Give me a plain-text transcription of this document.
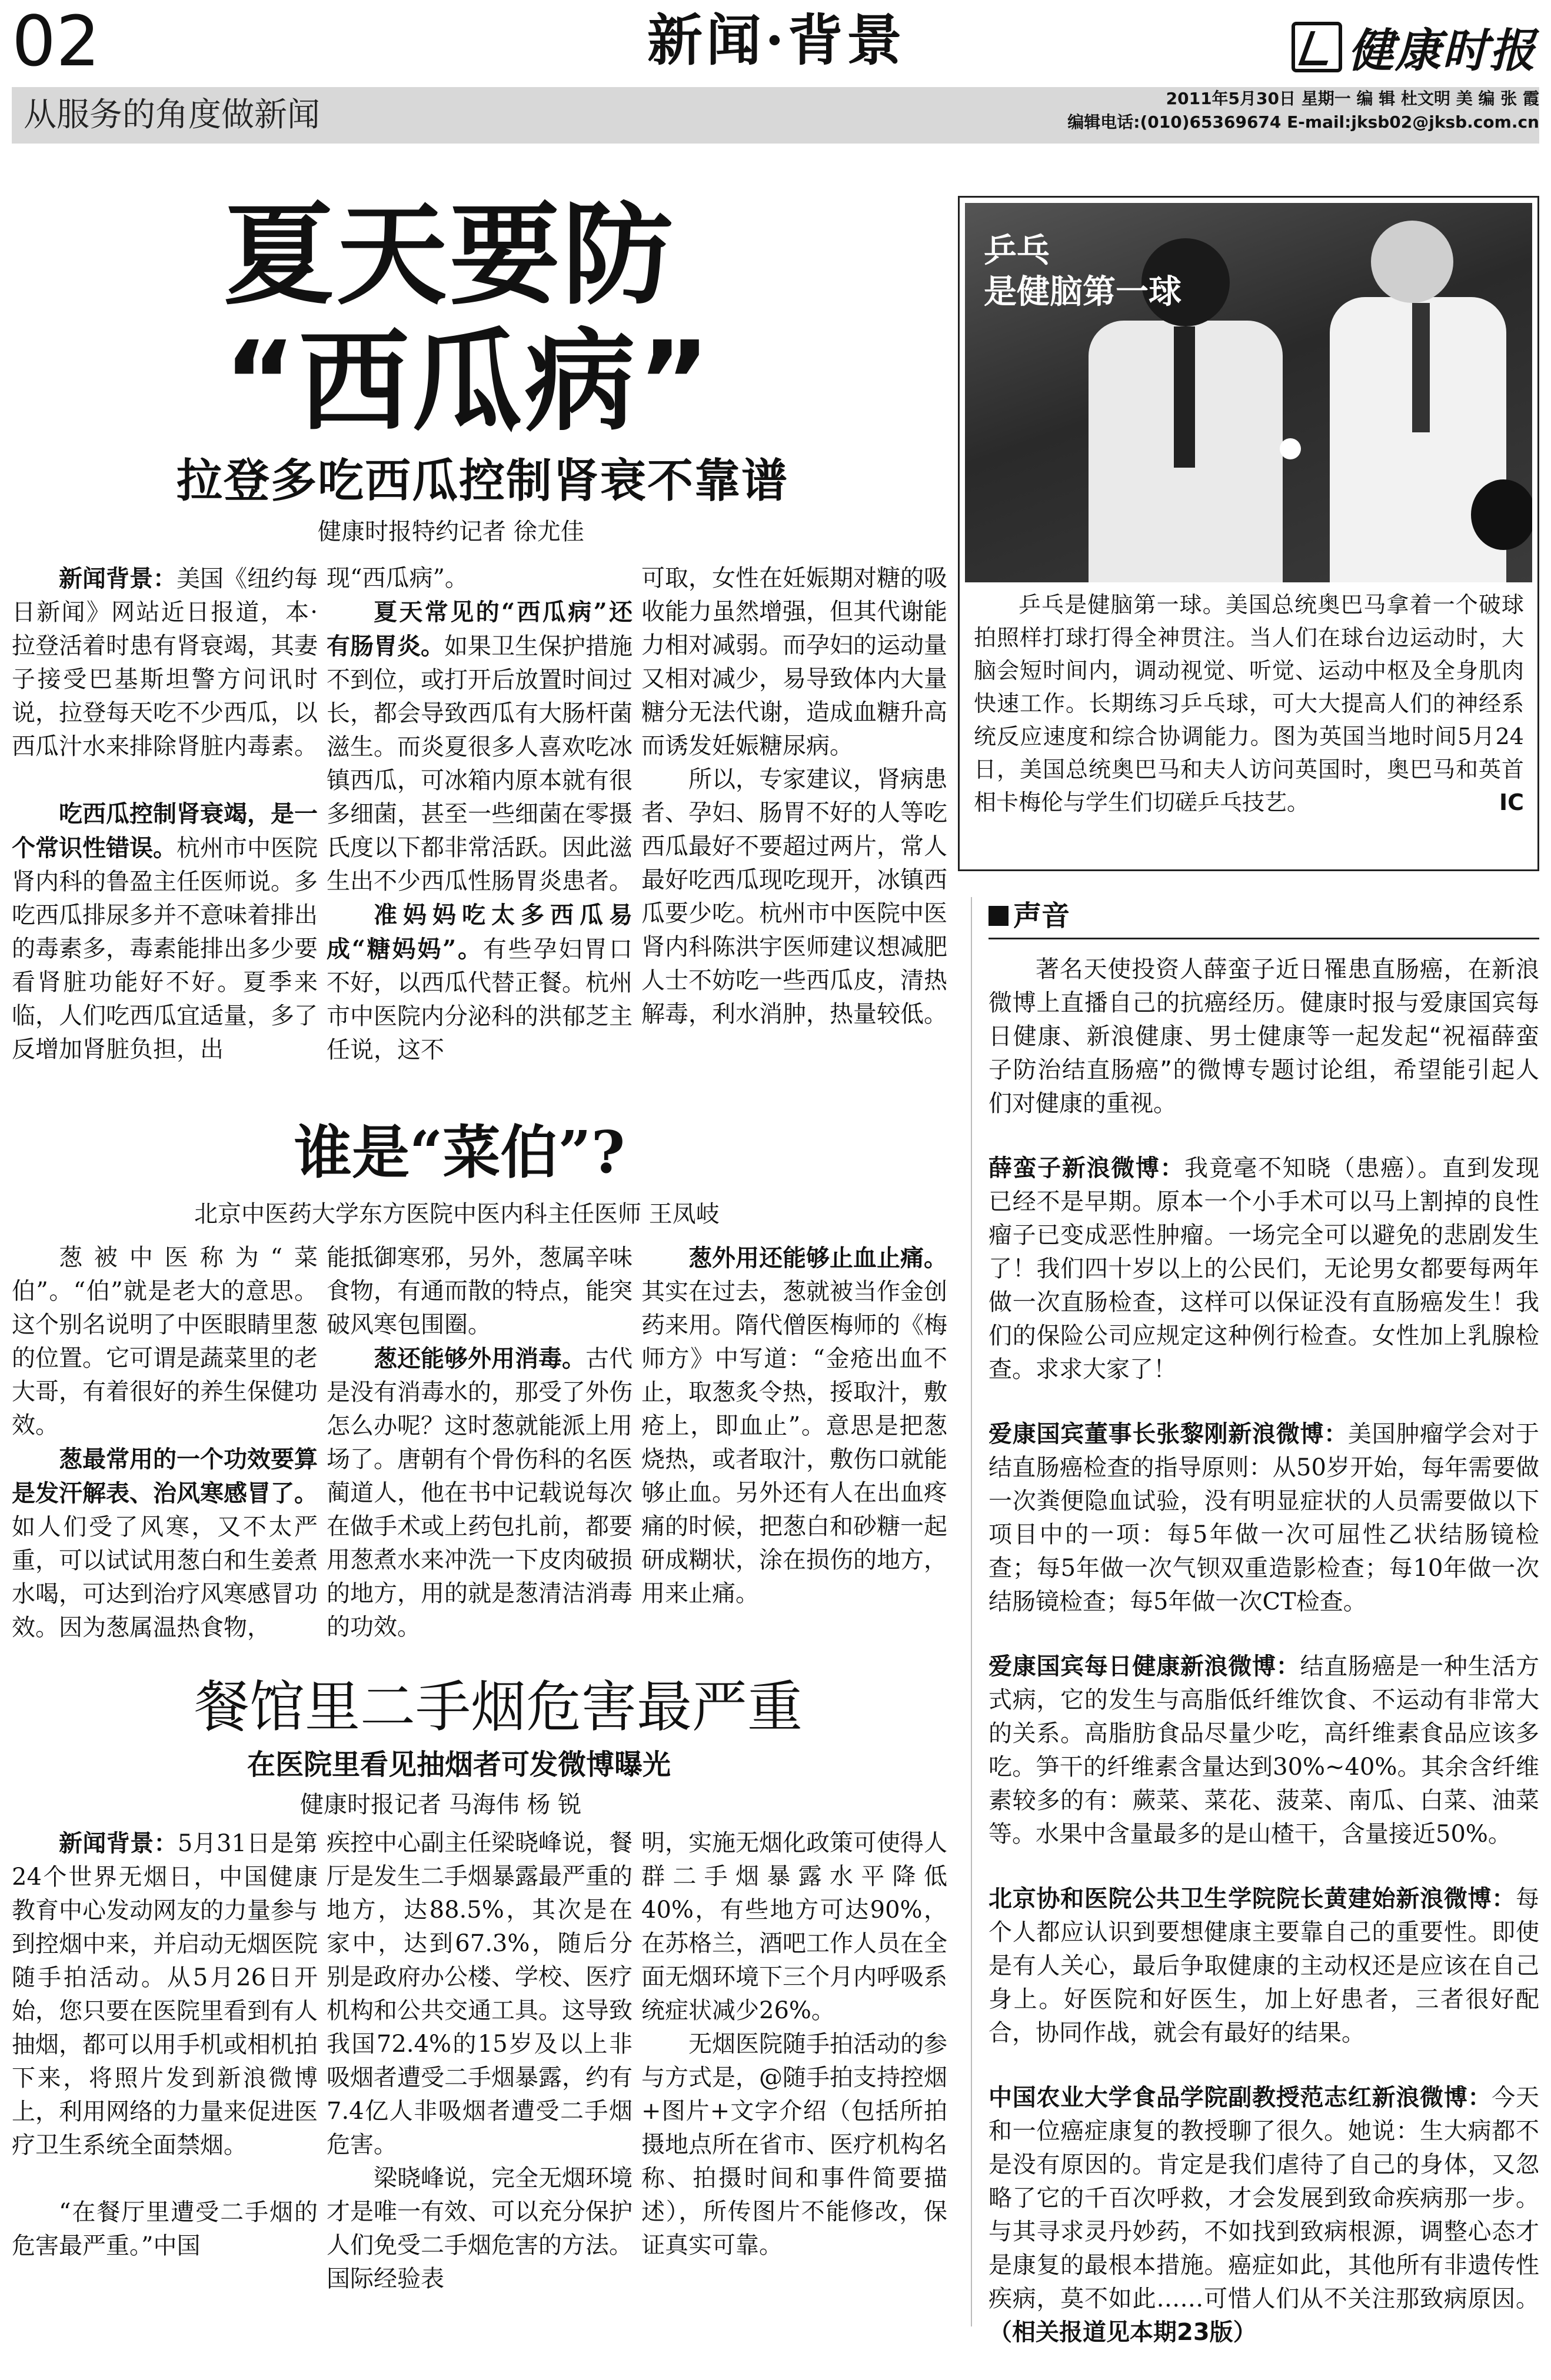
02	新闻·背景	健康时报
从服务的角度做新闻	2011年5月30日 星期一 编 辑 杜文明 美 编 张 霞
编辑电话:(010)65369674 E-mail:jksb02@jksb.com.cn
夏天要防
“西瓜病”
拉登多吃西瓜控制肾衰不靠谱
健康时报特约记者 徐尤佳

新闻背景：美国《纽约每日新闻》网站近日报道，本·拉登活着时患有肾衰竭，其妻子接受巴基斯坦警方问讯时说，拉登每天吃不少西瓜，以西瓜汁水来排除肾脏内毒素。

吃西瓜控制肾衰竭，是一个常识性错误。杭州市中医院肾内科的鲁盈主任医师说。多吃西瓜排尿多并不意味着排出的毒素多，毒素能排出多少要看肾脏功能好不好。夏季来临，人们吃西瓜宜适量，多了反增加肾脏负担，出

现“西瓜病”。

夏天常见的“西瓜病”还有肠胃炎。如果卫生保护措施不到位，或打开后放置时间过长，都会导致西瓜有大肠杆菌滋生。而炎夏很多人喜欢吃冰镇西瓜，可冰箱内原本就有很多细菌，甚至一些细菌在零摄氏度以下都非常活跃。因此滋生出不少西瓜性肠胃炎患者。

准妈妈吃太多西瓜易成“糖妈妈”。有些孕妇胃口不好，以西瓜代替正餐。杭州市中医院内分泌科的洪郁芝主任说，这不

可取，女性在妊娠期对糖的吸收能力虽然增强，但其代谢能力相对减弱。而孕妇的运动量又相对减少，易导致体内大量糖分无法代谢，造成血糖升高而诱发妊娠糖尿病。

所以，专家建议，肾病患者、孕妇、肠胃不好的人等吃西瓜最好不要超过两片，常人最好吃西瓜现吃现开，冰镇西瓜要少吃。杭州市中医院中医肾内科陈洪宇医师建议想减肥人士不妨吃一些西瓜皮，清热解毒，利水消肿，热量较低。

谁是“菜伯”?
北京中医药大学东方医院中医内科主任医师 王凤岐

葱被中医称为“菜伯”。“伯”就是老大的意思。这个别名说明了中医眼睛里葱的位置。它可谓是蔬菜里的老大哥，有着很好的养生保健功效。

葱最常用的一个功效要算是发汗解表、治风寒感冒了。如人们受了风寒，又不太严重，可以试试用葱白和生姜煮水喝，可达到治疗风寒感冒功效。因为葱属温热食物，

能抵御寒邪，另外，葱属辛味食物，有通而散的特点，能突破风寒包围圈。

葱还能够外用消毒。古代是没有消毒水的，那受了外伤怎么办呢？这时葱就能派上用场了。唐朝有个骨伤科的名医蔺道人，他在书中记载说每次在做手术或上药包扎前，都要用葱煮水来冲洗一下皮肉破损的地方，用的就是葱清洁消毒的功效。

葱外用还能够止血止痛。其实在过去，葱就被当作金创药来用。隋代僧医梅师的《梅师方》中写道：“金疮出血不止，取葱炙令热，挼取汁，敷疮上，即血止”。意思是把葱烧热，或者取汁，敷伤口就能够止血。另外还有人在出血疼痛的时候，把葱白和砂糖一起研成糊状，涂在损伤的地方，用来止痛。

餐馆里二手烟危害最严重
在医院里看见抽烟者可发微博曝光
健康时报记者 马海伟 杨 锐

新闻背景：5月31日是第24个世界无烟日，中国健康教育中心发动网友的力量参与到控烟中来，并启动无烟医院随手拍活动。从5月26日开始，您只要在医院里看到有人抽烟，都可以用手机或相机拍下来，将照片发到新浪微博上，利用网络的力量来促进医疗卫生系统全面禁烟。

“在餐厅里遭受二手烟的危害最严重。”中国

疾控中心副主任梁晓峰说，餐厅是发生二手烟暴露最严重的地方，达88.5%，其次是在家中，达到67.3%，随后分别是政府办公楼、学校、医疗机构和公共交通工具。这导致我国72.4%的15岁及以上非吸烟者遭受二手烟暴露，约有7.4亿人非吸烟者遭受二手烟危害。

梁晓峰说，完全无烟环境才是唯一有效、可以充分保护人们免受二手烟危害的方法。国际经验表

明，实施无烟化政策可使得人群二手烟暴露水平降低40%，有些地方可达90%，在苏格兰，酒吧工作人员在全面无烟环境下三个月内呼吸系统症状减少26%。

无烟医院随手拍活动的参与方式是，@随手拍支持控烟+图片+文字介绍（包括所拍摄地点所在省市、医疗机构名称、拍摄时间和事件简要描述），所传图片不能修改，保证真实可靠。

乒乓
是健脑第一球

乒乓是健脑第一球。美国总统奥巴马拿着一个破球拍照样打球打得全神贯注。当人们在球台边运动时，大脑会短时间内，调动视觉、听觉、运动中枢及全身肌肉快速工作。长期练习乒乓球，可大大提高人们的神经系统反应速度和综合协调能力。图为英国当地时间5月24日，美国总统奥巴马和夫人访问英国时，奥巴马和英首相卡梅伦与学生们切磋乒乓技艺。	IC

声音

著名天使投资人薛蛮子近日罹患直肠癌，在新浪微博上直播自己的抗癌经历。健康时报与爱康国宾每日健康、新浪健康、男士健康等一起发起“祝福薛蛮子防治结直肠癌”的微博专题讨论组，希望能引起人们对健康的重视。

薛蛮子新浪微博：我竟毫不知晓（患癌）。直到发现已经不是早期。原本一个小手术可以马上割掉的良性瘤子已变成恶性肿瘤。一场完全可以避免的悲剧发生了！我们四十岁以上的公民们，无论男女都要每两年做一次直肠检查，这样可以保证没有直肠癌发生！我们的保险公司应规定这种例行检查。女性加上乳腺检查。求求大家了！

爱康国宾董事长张黎刚新浪微博：美国肿瘤学会对于结直肠癌检查的指导原则：从50岁开始，每年需要做一次粪便隐血试验，没有明显症状的人员需要做以下项目中的一项：每5年做一次可屈性乙状结肠镜检查；每5年做一次气钡双重造影检查；每10年做一次结肠镜检查；每5年做一次CT检查。

爱康国宾每日健康新浪微博：结直肠癌是一种生活方式病，它的发生与高脂低纤维饮食、不运动有非常大的关系。高脂肪食品尽量少吃，高纤维素食品应该多吃。笋干的纤维素含量达到30%~40%。其余含纤维素较多的有：蕨菜、菜花、菠菜、南瓜、白菜、油菜等。水果中含量最多的是山楂干，含量接近50%。

北京协和医院公共卫生学院院长黄建始新浪微博：每个人都应认识到要想健康主要靠自己的重要性。即使是有人关心，最后争取健康的主动权还是应该在自己身上。好医院和好医生，加上好患者，三者很好配合，协同作战，就会有最好的结果。

中国农业大学食品学院副教授范志红新浪微博：今天和一位癌症康复的教授聊了很久。她说：生大病都不是没有原因的。肯定是我们虐待了自己的身体，又忽略了它的千百次呼救，才会发展到致命疾病那一步。与其寻求灵丹妙药，不如找到致病根源，调整心态才是康复的最根本措施。癌症如此，其他所有非遗传性疾病，莫不如此……可惜人们从不关注那致病原因。（相关报道见本期23版）
